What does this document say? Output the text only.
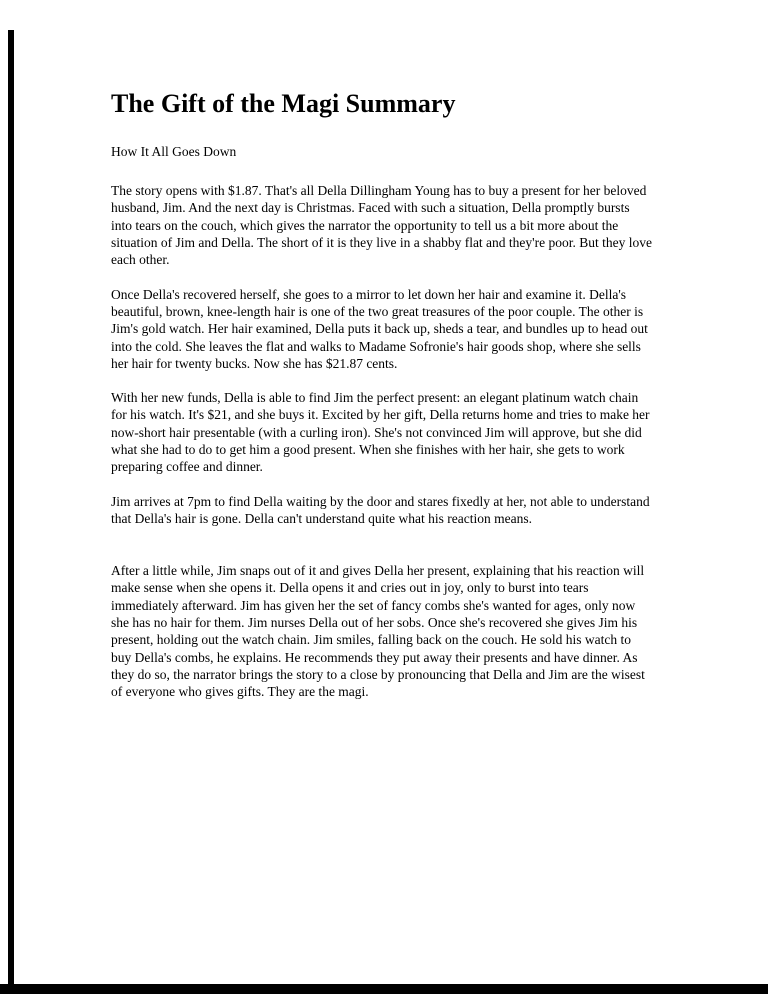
The Gift of the Magi Summary

How It All Goes Down

The story opens with $1.87. That's all Della Dillingham Young has to buy a present for her beloved husband, Jim. And the next day is Christmas. Faced with such a situation, Della promptly bursts into tears on the couch, which gives the narrator the opportunity to tell us a bit more about the situation of Jim and Della. The short of it is they live in a shabby flat and they're poor. But they love each other.

Once Della's recovered herself, she goes to a mirror to let down her hair and examine it. Della's beautiful, brown, knee-length hair is one of the two great treasures of the poor couple. The other is Jim's gold watch. Her hair examined, Della puts it back up, sheds a tear, and bundles up to head out into the cold. She leaves the flat and walks to Madame Sofronie's hair goods shop, where she sells her hair for twenty bucks. Now she has $21.87 cents.

With her new funds, Della is able to find Jim the perfect present: an elegant platinum watch chain for his watch. It's $21, and she buys it. Excited by her gift, Della returns home and tries to make her now-short hair presentable (with a curling iron). She's not convinced Jim will approve, but she did what she had to do to get him a good present. When she finishes with her hair, she gets to work preparing coffee and dinner.

Jim arrives at 7pm to find Della waiting by the door and stares fixedly at her, not able to understand that Della's hair is gone. Della can't understand quite what his reaction means.

After a little while, Jim snaps out of it and gives Della her present, explaining that his reaction will make sense when she opens it. Della opens it and cries out in joy, only to burst into tears immediately afterward. Jim has given her the set of fancy combs she's wanted for ages, only now she has no hair for them. Jim nurses Della out of her sobs. Once she's recovered she gives Jim his present, holding out the watch chain. Jim smiles, falling back on the couch. He sold his watch to buy Della's combs, he explains. He recommends they put away their presents and have dinner. As they do so, the narrator brings the story to a close by pronouncing that Della and Jim are the wisest of everyone who gives gifts. They are the magi.
